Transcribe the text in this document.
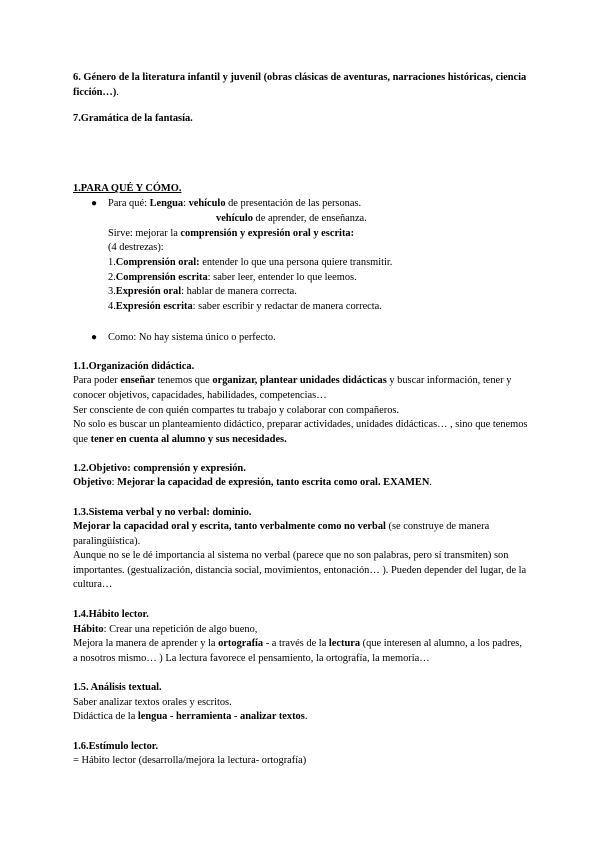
6. Género de la literatura infantil y juvenil (obras clásicas de aventuras, narraciones históricas, ciencia ficción…).

7.Gramática de la fantasía.

1.PARA QUÉ Y CÓMO.

● Para qué: Lengua: vehículo de presentación de las personas.

vehículo de aprender, de enseñanza.

Sirve: mejorar la comprensión y expresión oral y escrita:

(4 destrezas):

1.Comprensión oral: entender lo que una persona quiere transmitir.

2.Comprensión escrita: saber leer, entender lo que leemos.

3.Expresión oral: hablar de manera correcta.

4.Expresión escrita: saber escribir y redactar de manera correcta.

● Como: No hay sistema único o perfecto.

1.1.Organización didáctica.

Para poder enseñar tenemos que organizar, plantear unidades didácticas y buscar información, tener y conocer objetivos, capacidades, habilidades, competencias…

Ser consciente de con quién compartes tu trabajo y colaborar con compañeros.

No solo es buscar un planteamiento didáctico, preparar actividades, unidades didácticas… , sino que tenemos que tener en cuenta al alumno y sus necesidades.

1.2.Objetivo: comprensión y expresión.

Objetivo: Mejorar la capacidad de expresión, tanto escrita como oral. EXAMEN.

1.3.Sistema verbal y no verbal: dominio.

Mejorar la capacidad oral y escrita, tanto verbalmente como no verbal (se construye de manera paralingüística).

Aunque no se le dé importancia al sistema no verbal (parece que no son palabras, pero sí transmiten) son importantes. (gestualización, distancia social, movimientos, entonación… ). Pueden depender del lugar, de la cultura…

1.4.Hábito lector.

Hábito: Crear una repetición de algo bueno,

Mejora la manera de aprender y la ortografía - a través de la lectura (que interesen al alumno, a los padres, a nosotros mismo… ) La lectura favorece el pensamiento, la ortografía, la memoria…

1.5. Análisis textual.

Saber analizar textos orales y escritos.

Didáctica de la lengua - herramienta - analizar textos.

1.6.Estímulo lector.

= Hábito lector (desarrolla/mejora la lectura- ortografía)
